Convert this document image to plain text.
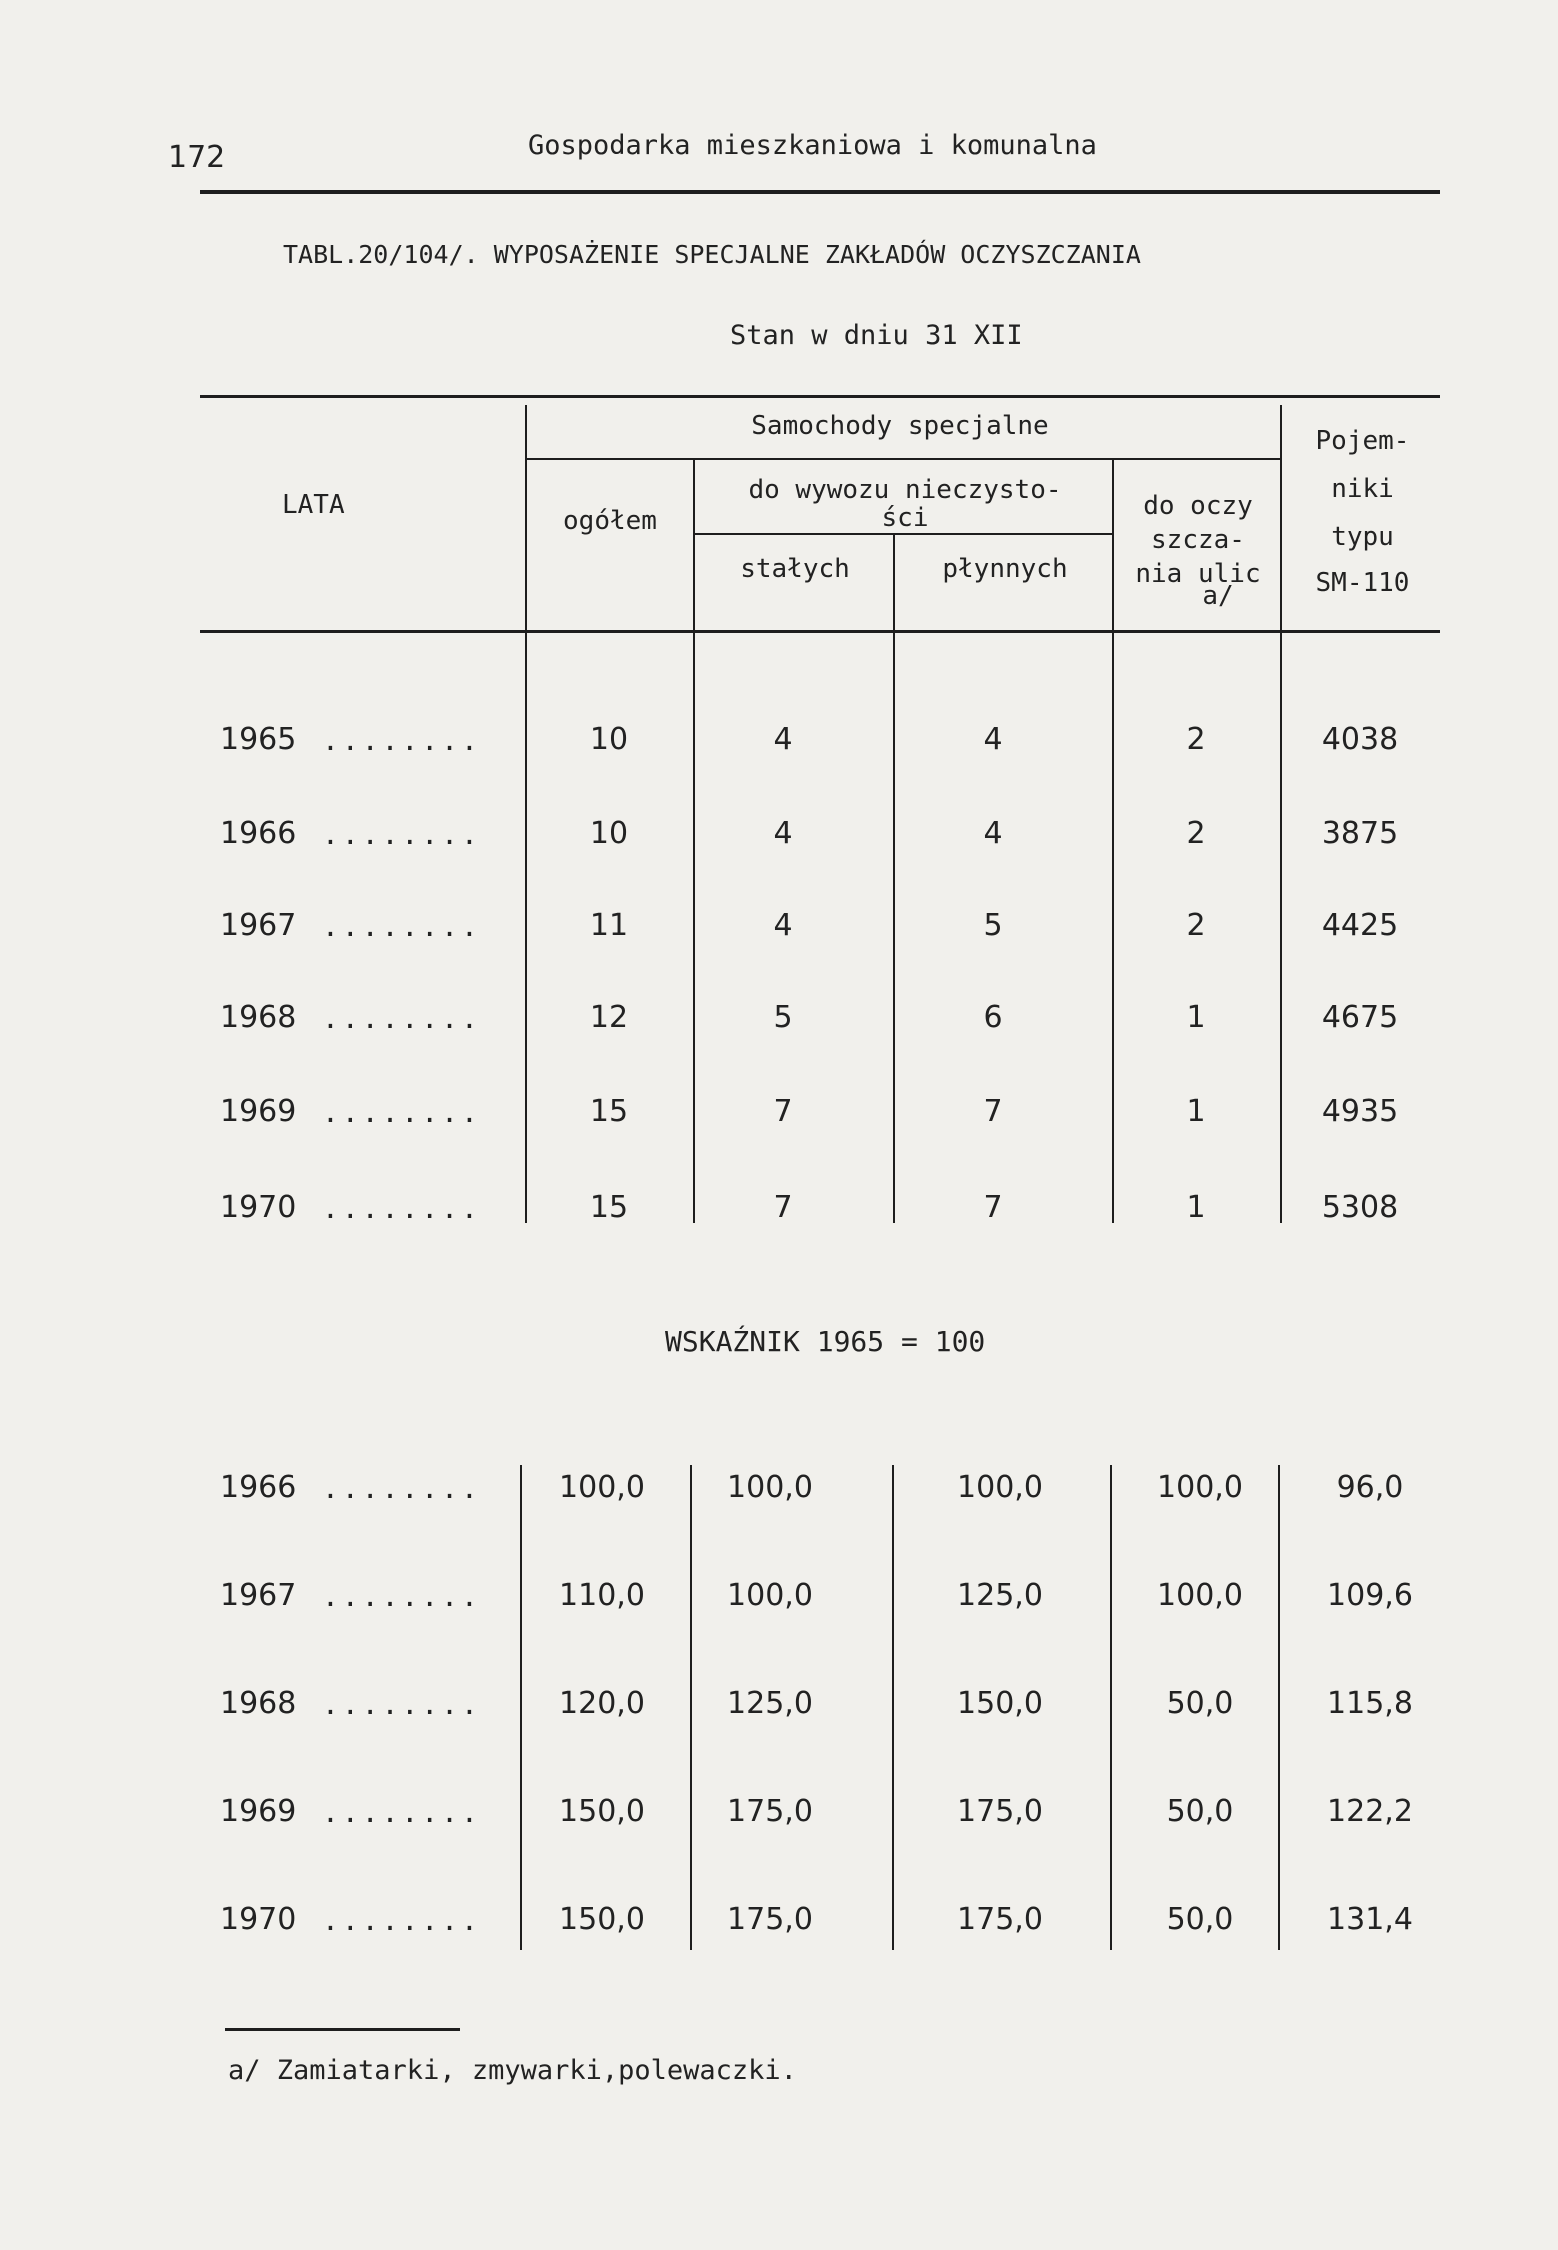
172	Gospodarka mieszkaniowa i komunalna
TABL.20/104/. WYPOSAŻENIE SPECJALNE ZAKŁADÓW OCZYSZCZANIA
Stan w dniu 31 XII
LATA
Samochody specjalne
ogółem
do wywozu nieczysto-
ści
stałych	płynnych
do oczy
szcza-
nia ulic
a/
Pojem-
niki
typu
SM-110
1965 ........	10	4	4	2	4038
1966 ........	10	4	4	2	3875
1967 ........	11	4	5	2	4425
1968 ........	12	5	6	1	4675
1969 ........	15	7	7	1	4935
1970 ........	15	7	7	1	5308
WSKAŹNIK 1965 = 100
1966 ........	100,0	100,0	100,0	100,0	96,0
1967 ........	110,0	100,0	125,0	100,0	109,6
1968 ........	120,0	125,0	150,0	50,0	115,8
1969 ........	150,0	175,0	175,0	50,0	122,2
1970 ........	150,0	175,0	175,0	50,0	131,4
a/ Zamiatarki, zmywarki,polewaczki.
